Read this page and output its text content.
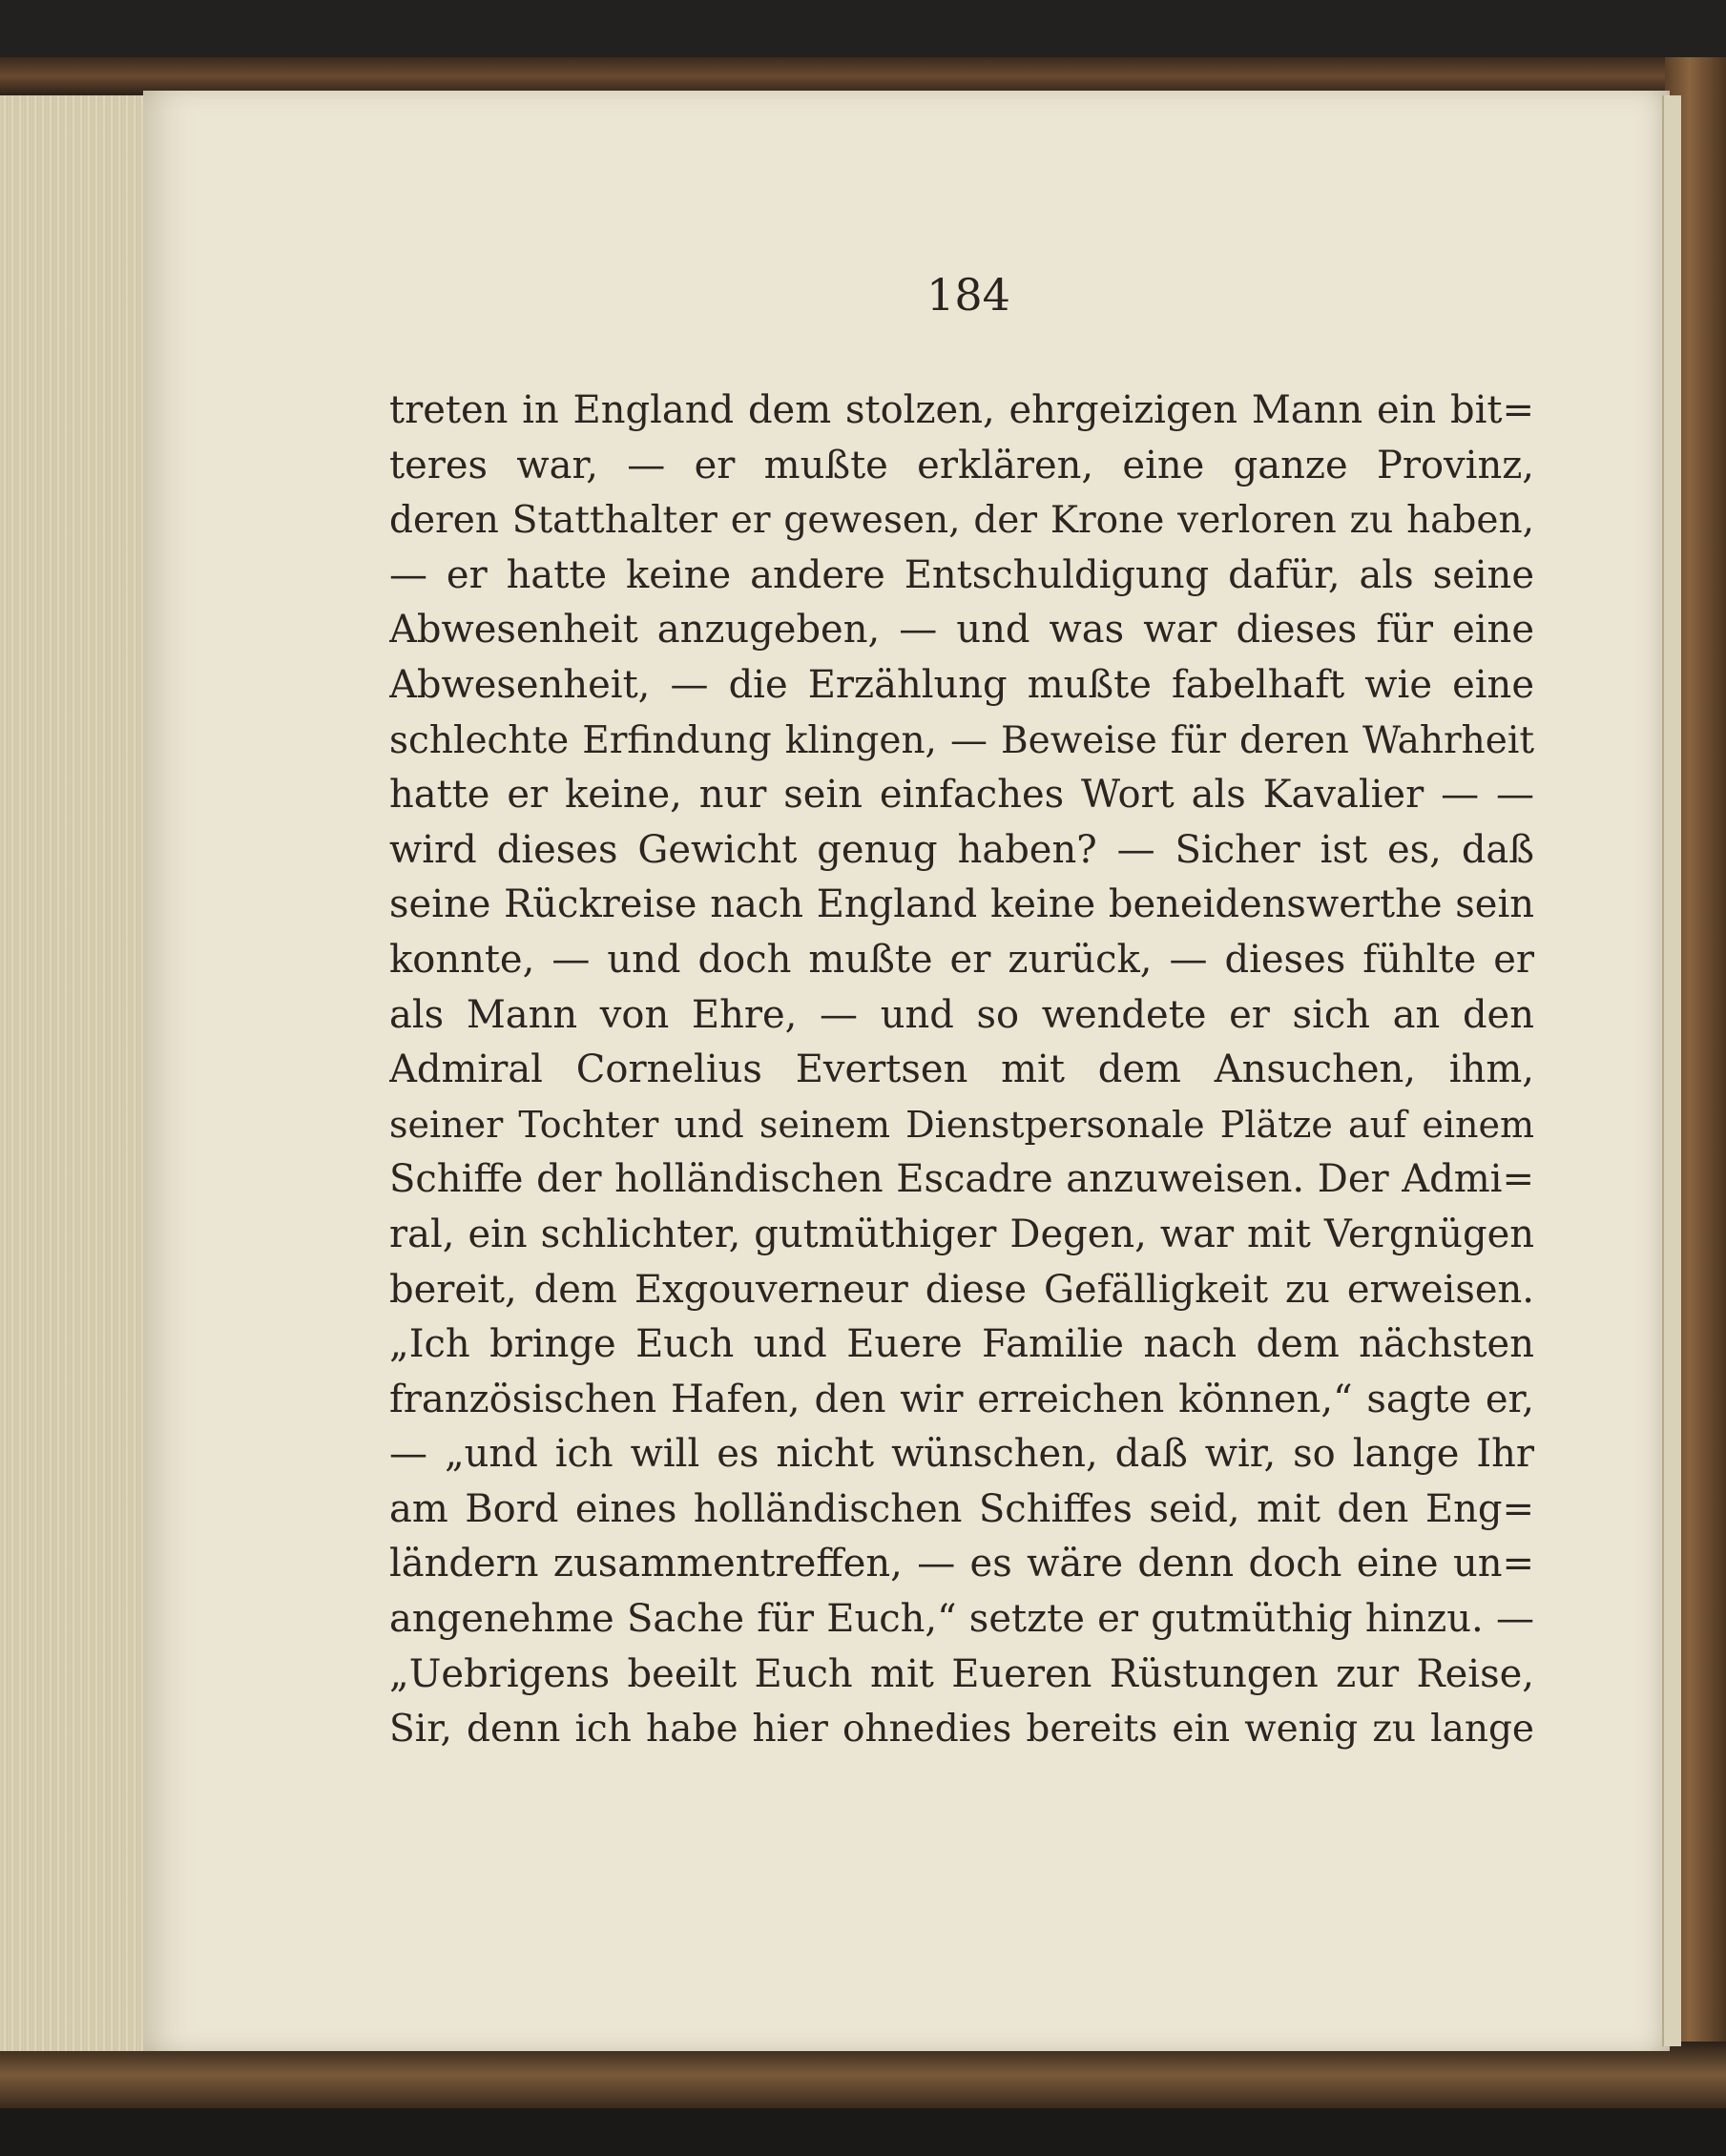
184
treten in England dem stolzen, ehrgeizigen Mann ein bit=
teres war, — er mußte erklären, eine ganze Provinz,
deren Statthalter er gewesen, der Krone verloren zu haben,
— er hatte keine andere Entschuldigung dafür, als seine
Abwesenheit anzugeben, — und was war dieses für eine
Abwesenheit, — die Erzählung mußte fabelhaft wie eine
schlechte Erfindung klingen, — Beweise für deren Wahrheit
hatte er keine, nur sein einfaches Wort als Kavalier — —
wird dieses Gewicht genug haben? — Sicher ist es, daß
seine Rückreise nach England keine beneidenswerthe sein
konnte, — und doch mußte er zurück, — dieses fühlte er
als Mann von Ehre, — und so wendete er sich an den
Admiral Cornelius Evertsen mit dem Ansuchen, ihm,
seiner Tochter und seinem Dienstpersonale Plätze auf einem
Schiffe der holländischen Escadre anzuweisen. Der Admi=
ral, ein schlichter, gutmüthiger Degen, war mit Vergnügen
bereit, dem Exgouverneur diese Gefälligkeit zu erweisen.
„Ich bringe Euch und Euere Familie nach dem nächsten
französischen Hafen, den wir erreichen können,“ sagte er,
— „und ich will es nicht wünschen, daß wir, so lange Ihr
am Bord eines holländischen Schiffes seid, mit den Eng=
ländern zusammentreffen, — es wäre denn doch eine un=
angenehme Sache für Euch,“ setzte er gutmüthig hinzu. —
„Uebrigens beeilt Euch mit Eueren Rüstungen zur Reise,
Sir, denn ich habe hier ohnedies bereits ein wenig zu lange
